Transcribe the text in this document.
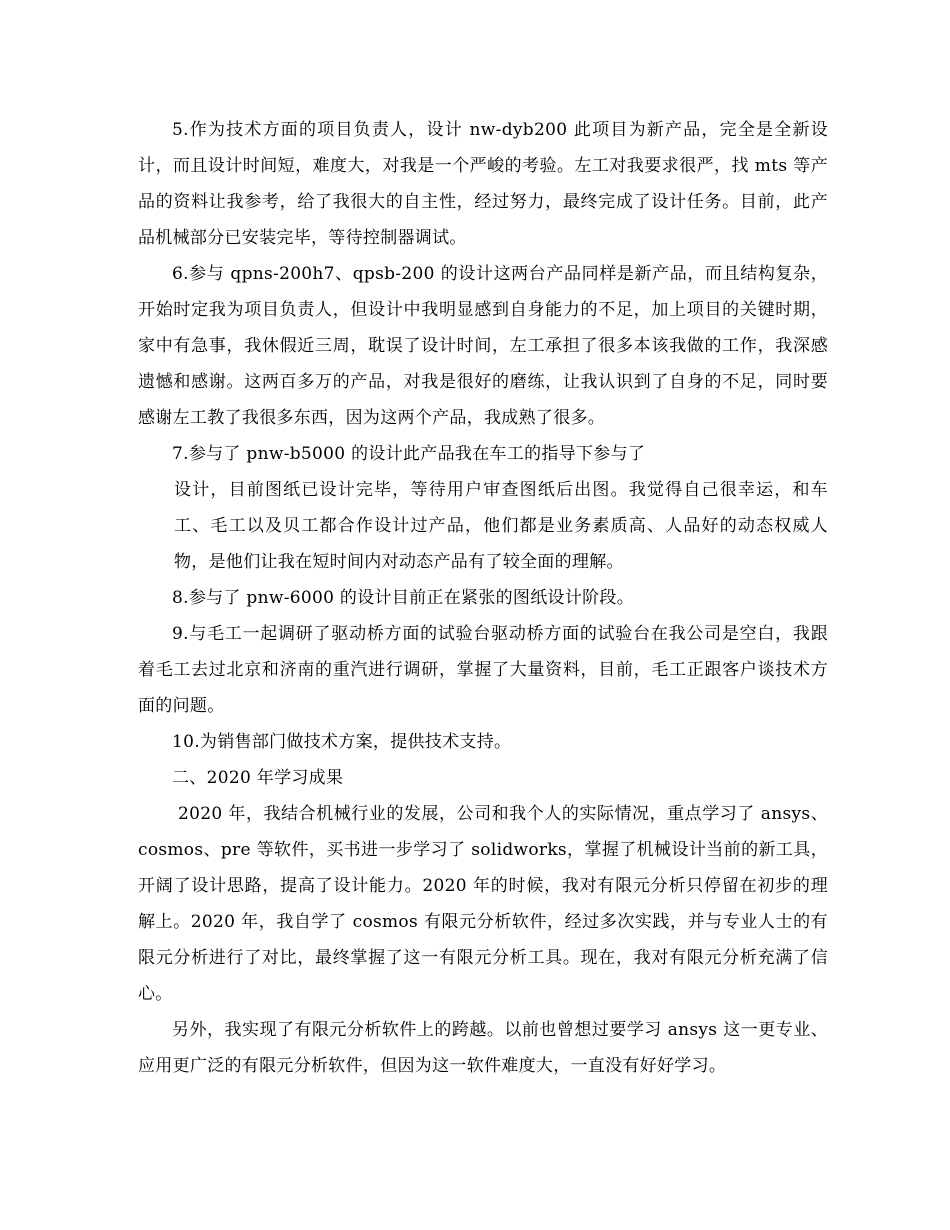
5.作为技术方面的项目负责人，设计 nw-dyb200 此项目为新产品，完全是全新设计，而且设计时间短，难度大，对我是一个严峻的考验。左工对我要求很严，找 mts 等产品的资料让我参考，给了我很大的自主性，经过努力，最终完成了设计任务。目前，此产品机械部分已安装完毕，等待控制器调试。

6.参与 qpns-200h7、qpsb-200 的设计这两台产品同样是新产品，而且结构复杂，开始时定我为项目负责人，但设计中我明显感到自身能力的不足，加上项目的关键时期，家中有急事，我休假近三周，耽误了设计时间，左工承担了很多本该我做的工作，我深感遗憾和感谢。这两百多万的产品，对我是很好的磨练，让我认识到了自身的不足，同时要感谢左工教了我很多东西，因为这两个产品，我成熟了很多。

7.参与了 pnw-b5000 的设计此产品我在车工的指导下参与了

设计，目前图纸已设计完毕，等待用户审查图纸后出图。我觉得自己很幸运，和车工、毛工以及贝工都合作设计过产品，他们都是业务素质高、人品好的动态权威人物，是他们让我在短时间内对动态产品有了较全面的理解。

8.参与了 pnw-6000 的设计目前正在紧张的图纸设计阶段。

9.与毛工一起调研了驱动桥方面的试验台驱动桥方面的试验台在我公司是空白，我跟着毛工去过北京和济南的重汽进行调研，掌握了大量资料，目前，毛工正跟客户谈技术方面的问题。

10.为销售部门做技术方案，提供技术支持。

二、2020 年学习成果

2020 年，我结合机械行业的发展，公司和我个人的实际情况，重点学习了 ansys、cosmos、pre 等软件，买书进一步学习了 solidworks，掌握了机械设计当前的新工具，开阔了设计思路，提高了设计能力。2020 年的时候，我对有限元分析只停留在初步的理解上。2020 年，我自学了 cosmos 有限元分析软件，经过多次实践，并与专业人士的有限元分析进行了对比，最终掌握了这一有限元分析工具。现在，我对有限元分析充满了信心。

另外，我实现了有限元分析软件上的跨越。以前也曾想过要学习 ansys 这一更专业、应用更广泛的有限元分析软件，但因为这一软件难度大，一直没有好好学习。
